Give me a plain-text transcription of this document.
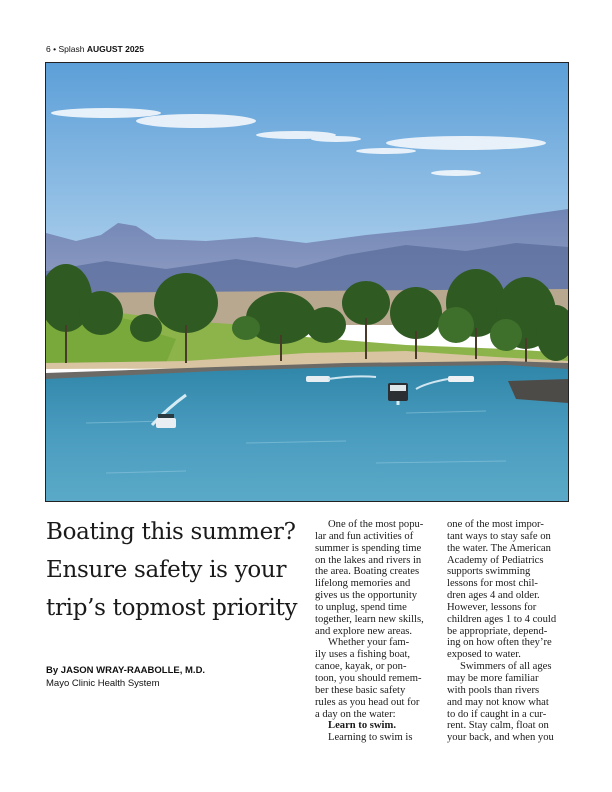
6 • Splash AUGUST 2025
Boating this summer?
Ensure safety is your
trip’s topmost priority
By JASON WRAY-RAABOLLE, M.D.
Mayo Clinic Health System
One of the most popu-
lar and fun activities of
summer is spending time
on the lakes and rivers in
the area. Boating creates
lifelong memories and
gives us the opportunity
to unplug, spend time
together, learn new skills,
and explore new areas.
Whether your fam-
ily uses a fishing boat,
canoe, kayak, or pon-
toon, you should remem-
ber these basic safety
rules as you head out for
a day on the water:
Learn to swim.
Learning to swim is
one of the most impor-
tant ways to stay safe on
the water. The American
Academy of Pediatrics
supports swimming
lessons for most chil-
dren ages 4 and older.
However, lessons for
children ages 1 to 4 could
be appropriate, depend-
ing on how often they’re
exposed to water.
Swimmers of all ages
may be more familiar
with pools than rivers
and may not know what
to do if caught in a cur-
rent. Stay calm, float on
your back, and when you
